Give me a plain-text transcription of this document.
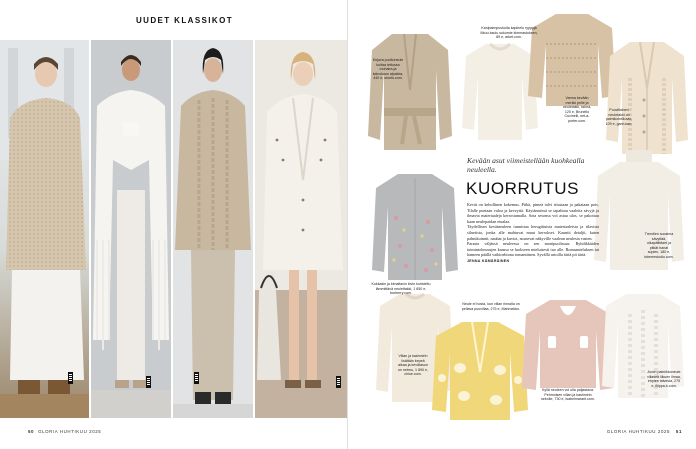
UUDET KLASSIKOT
50 GLORIA HUHTIKUU 2025	GLORIA HUHTIKUU 2025 51
Kirjava puoltoneule kultaa tettussa mohaira-ja kalvokaun alpakka, 440 e, shorts.com.
Kanipaimpuskuita kapinelu ryppyjä liikuu kaulu sukumie kimmastuksen, 89 e, arket.com.
Varma kevään merkki pelle ja neuletakki, tahna, 120 e, Brunello Cucinelli, net-a-porter.com.
Puuvillainen neuletakki on palmikointikuvio, 109 e, gant.com.
Kukkasin ja kimaltavin kivin koristeltu lämmittävä neulettakki, 1 650 e, burberry.com.
Trendien suosima sävyttää, olkapäittäset ja pitkät hanat sopien, 180 e, totemestudio.com.
Neule ei hosta, kun villan rinnalla on pellava puuvillaa, 275 e, Marimekko.
Villan ja kashmirin lisätään kepeä aikaa ja kevätasun on netmu, 1 890 e, chloe.com.
Kyllä neuleen voi ulla paljastava. Pehmoisen villan ja kashmirin sekoite, 730 e, isabelmarant.com.
Avoin palmikkoneule villaseä liikuen ilmaa, ehpien talvesta, 275 e, filippa-k.com.
Kevään asut viimeistellään kuohkealla neuleella.
KUORRUTUS

Kevät on kehollinen kokemus. Pitkä, pimeä talvi riisutaan ja pakataan pois. Tilalle puetaan valoa ja keveyttä. Käytännössä se tapahtuu vaaleita sävyjä ja ilmavia materiaaleja kerrostamalla. Sota sesonsa voi astua ulos, se pakottuu kaan neulepaidan etualaa.

Täydellisen kevätneuleen tunnistaa herugittuista materiaaleista ja tilavista siluetista, jonka alle mahtuvat muut kerrokset. Kauniit detaljit, kuten palmikoinnit, nauhat ja kuviot, nousevat näkyville vaalean neulesta vasten.

Parasta väljässä neuleessa on sen monipuolisuus. Ryhdikkäiden toimintohousujen kanssa se luokseen mieluisesti tuo alle. Romaanieluksen tai hameen päällä vaihtoehtona romanttinen. Syvällä urioilla tärtä pii tärtä.

JENNA KÄMÄRÄINEN
